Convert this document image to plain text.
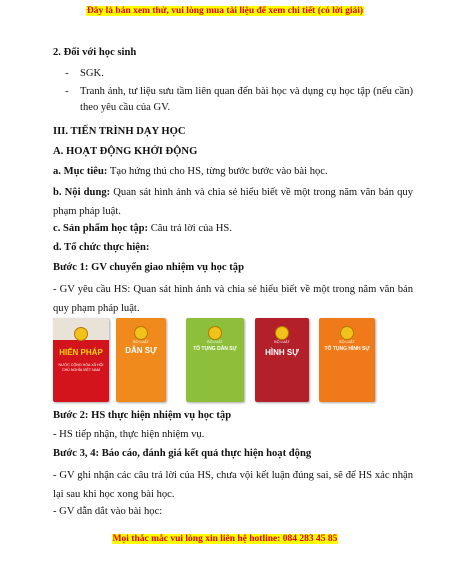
Đây là bản xem thử, vui lòng mua tài liệu để xem chi tiết (có lời giải)
2. Đối với học sinh
- SGK.
- Tranh ảnh, tư liệu sưu tầm liên quan đến bài học và dụng cụ học tập (nếu cần) theo yêu cầu của GV.
III. TIẾN TRÌNH DẠY HỌC
A. HOẠT ĐỘNG KHỞI ĐỘNG
a. Mục tiêu: Tạo hứng thú cho HS, từng bước bước vào bài học.
b. Nội dung: Quan sát hình ảnh và chia sẻ hiểu biết về một trong năm văn bản quy phạm pháp luật.
c. Sản phẩm học tập: Câu trả lời của HS.
d. Tổ chức thực hiện:
Bước 1: GV chuyển giao nhiệm vụ học tập
- GV yêu cầu HS: Quan sát hình ảnh và chia sẻ hiểu biết về một trong năm văn bản quy phạm pháp luật.
HIẾN PHÁP
NƯỚC CỘNG HÒA XÃ HỘI CHỦ NGHĨA VIỆT NAM
BỘ LUẬT
DÂN SỰ
BỘ LUẬT
TỐ TỤNG DÂN SỰ
BỘ LUẬT
HÌNH SỰ
BỘ LUẬT
TỐ TỤNG HÌNH SỰ
Bước 2: HS thực hiện nhiệm vụ học tập
- HS tiếp nhận, thực hiện nhiệm vụ.
Bước 3, 4: Báo cáo, đánh giá kết quả thực hiện hoạt động
- GV ghi nhận các câu trả lời của HS, chưa vội kết luận đúng sai, sẽ để HS xác nhận lại sau khi học xong bài học.
- GV dẫn dắt vào bài học:
Mọi thắc mắc vui lòng xin liên hệ hotline: 084 283 45 85
